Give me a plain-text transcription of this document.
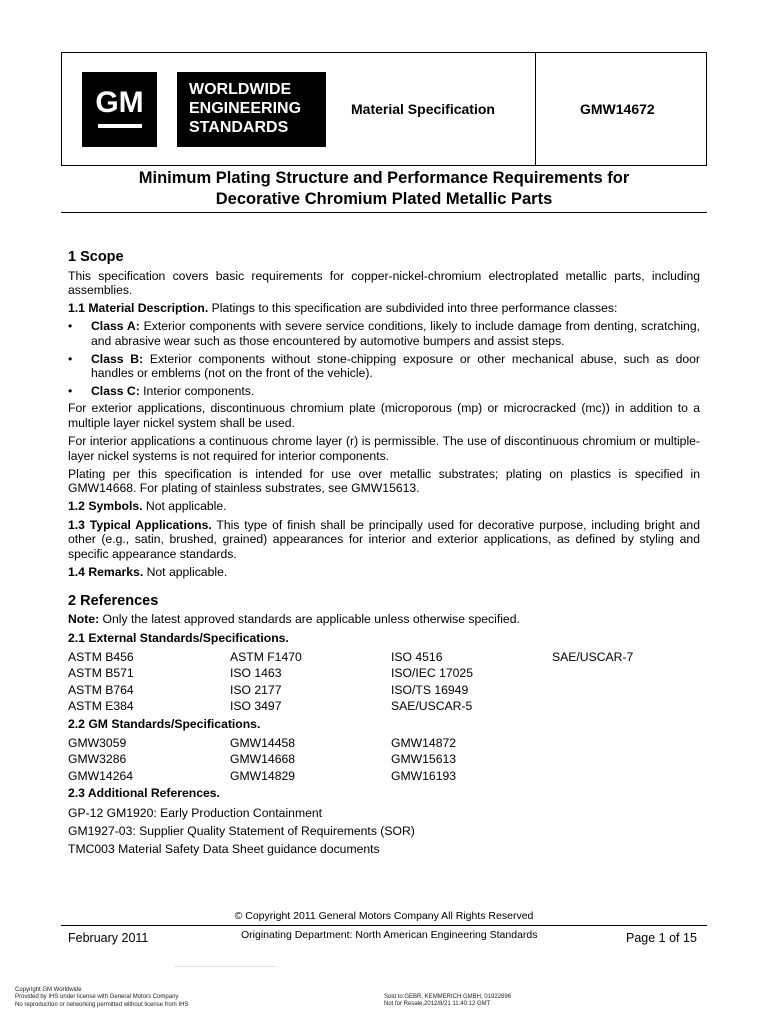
GM	WORLDWIDE
ENGINEERING
STANDARDS
Material Specification	GMW14672
Minimum Plating Structure and Performance Requirements for
Decorative Chromium Plated Metallic Parts
1 Scope

This specification covers basic requirements for copper-nickel-chromium electroplated metallic parts, including assemblies.

1.1 Material Description. Platings to this specification are subdivided into three performance classes:

• Class A: Exterior components with severe service conditions, likely to include damage from denting, scratching, and abrasive wear such as those encountered by automotive bumpers and assist steps.
• Class B: Exterior components without stone-chipping exposure or other mechanical abuse, such as door handles or emblems (not on the front of the vehicle).
• Class C: Interior components.

For exterior applications, discontinuous chromium plate (microporous (mp) or microcracked (mc)) in addition to a multiple layer nickel system shall be used.

For interior applications a continuous chrome layer (r) is permissible. The use of discontinuous chromium or multiple-layer nickel systems is not required for interior components.

Plating per this specification is intended for use over metallic substrates; plating on plastics is specified in GMW14668. For plating of stainless substrates, see GMW15613.

1.2 Symbols. Not applicable.

1.3 Typical Applications. This type of finish shall be principally used for decorative purpose, including bright and other (e.g., satin, brushed, grained) appearances for interior and exterior applications, as defined by styling and specific appearance standards.

1.4 Remarks. Not applicable.

2 References

Note: Only the latest approved standards are applicable unless otherwise specified.

2.1 External Standards/Specifications.

ASTM B456	ASTM F1470	ISO 4516	SAE/USCAR-7
ASTM B571	ISO 1463	ISO/IEC 17025
ASTM B764	ISO 2177	ISO/TS 16949
ASTM E384	ISO 3497	SAE/USCAR-5

2.2 GM Standards/Specifications.

GMW3059	GMW14458	GMW14872
GMW3286	GMW14668	GMW15613
GMW14264	GMW14829	GMW16193

2.3 Additional References.

GP-12 GM1920: Early Production Containment
GM1927-03: Supplier Quality Statement of Requirements (SOR)
TMC003 Material Safety Data Sheet guidance documents
© Copyright 2011 General Motors Company All Rights Reserved
February 2011	Originating Department: North American Engineering Standards	Page 1 of 15
Copyright GM Worldwide
Provided by IHS under license with General Motors Company
No reproduction or networking permitted without license from IHS
Sold to:GEBR. KEMMERICH GMBH, 01922896
Not for Resale,2012/8/21 11:40:12 GMT
